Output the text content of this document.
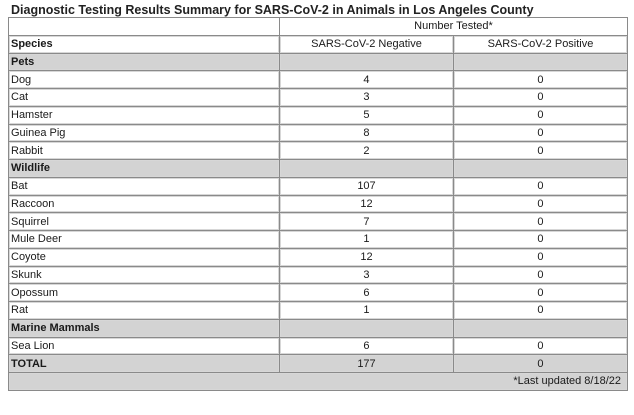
Diagnostic Testing Results Summary for SARS-CoV-2 in Animals in Los Angeles County
	Number Tested*	
Species	SARS-CoV-2 Negative	SARS-CoV-2 Positive
Pets		
Dog	4	0
Cat	3	0
Hamster	5	0
Guinea Pig	8	0
Rabbit	2	0
Wildlife		
Bat	107	0
Raccoon	12	0
Squirrel	7	0
Mule Deer	1	0
Coyote	12	0
Skunk	3	0
Opossum	6	0
Rat	1	0
Marine Mammals		
Sea Lion	6	0
TOTAL	177	0
*Last updated 8/18/22		
